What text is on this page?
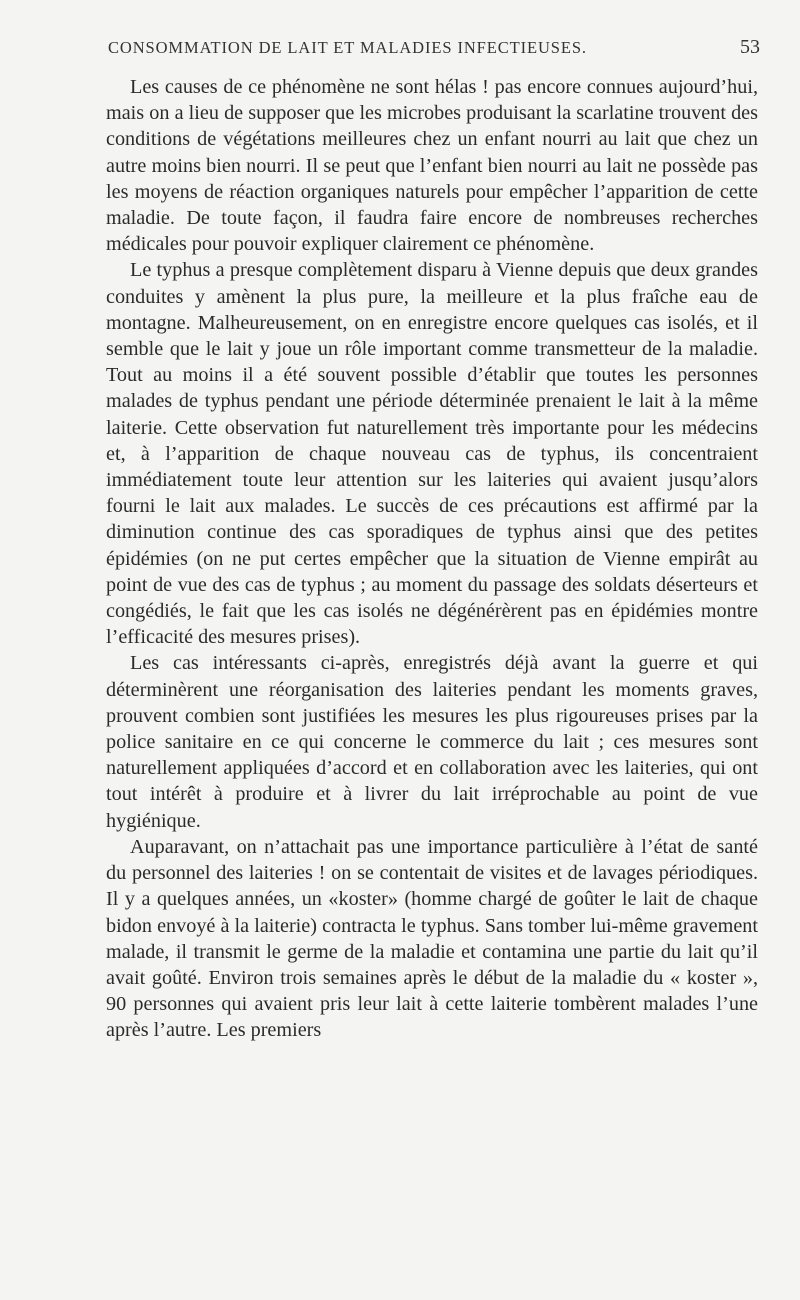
CONSOMMATION DE LAIT ET MALADIES INFECTIEUSES.	53

Les causes de ce phénomène ne sont hélas ! pas encore connues aujourd’hui, mais on a lieu de supposer que les microbes produisant la scarlatine trouvent des conditions de végétations meilleures chez un enfant nourri au lait que chez un autre moins bien nourri. Il se peut que l’enfant bien nourri au lait ne possède pas les moyens de réaction organiques naturels pour empêcher l’apparition de cette maladie. De toute façon, il faudra faire encore de nombreuses recherches médicales pour pouvoir expliquer clairement ce phénomène.

Le typhus a presque complètement disparu à Vienne depuis que deux grandes conduites y amènent la plus pure, la meilleure et la plus fraîche eau de montagne. Malheureusement, on en enregistre encore quelques cas isolés, et il semble que le lait y joue un rôle important comme transmetteur de la maladie. Tout au moins il a été souvent possible d’établir que toutes les personnes malades de typhus pendant une période déterminée prenaient le lait à la même laiterie. Cette observation fut naturellement très importante pour les médecins et, à l’apparition de chaque nouveau cas de typhus, ils concentraient immédiatement toute leur attention sur les laiteries qui avaient jusqu’alors fourni le lait aux malades. Le succès de ces précautions est affirmé par la diminution continue des cas sporadiques de typhus ainsi que des petites épidémies (on ne put certes empêcher que la situation de Vienne empirât au point de vue des cas de typhus ; au moment du passage des soldats déserteurs et congédiés, le fait que les cas isolés ne dégénérèrent pas en épidémies montre l’efficacité des mesures prises).

Les cas intéressants ci-après, enregistrés déjà avant la guerre et qui déterminèrent une réorganisation des laiteries pendant les moments graves, prouvent combien sont justifiées les mesures les plus rigoureuses prises par la police sanitaire en ce qui concerne le commerce du lait ; ces mesures sont naturellement appliquées d’accord et en collaboration avec les laiteries, qui ont tout intérêt à produire et à livrer du lait irréprochable au point de vue hygiénique.

Auparavant, on n’attachait pas une importance particulière à l’état de santé du personnel des laiteries ! on se contentait de visites et de lavages périodiques. Il y a quelques années, un «koster» (homme chargé de goûter le lait de chaque bidon envoyé à la laiterie) contracta le typhus. Sans tomber lui-même gravement malade, il transmit le germe de la maladie et contamina une partie du lait qu’il avait goûté. Environ trois semaines après le début de la maladie du « koster », 90 personnes qui avaient pris leur lait à cette laiterie tombèrent malades l’une après l’autre. Les premiers
